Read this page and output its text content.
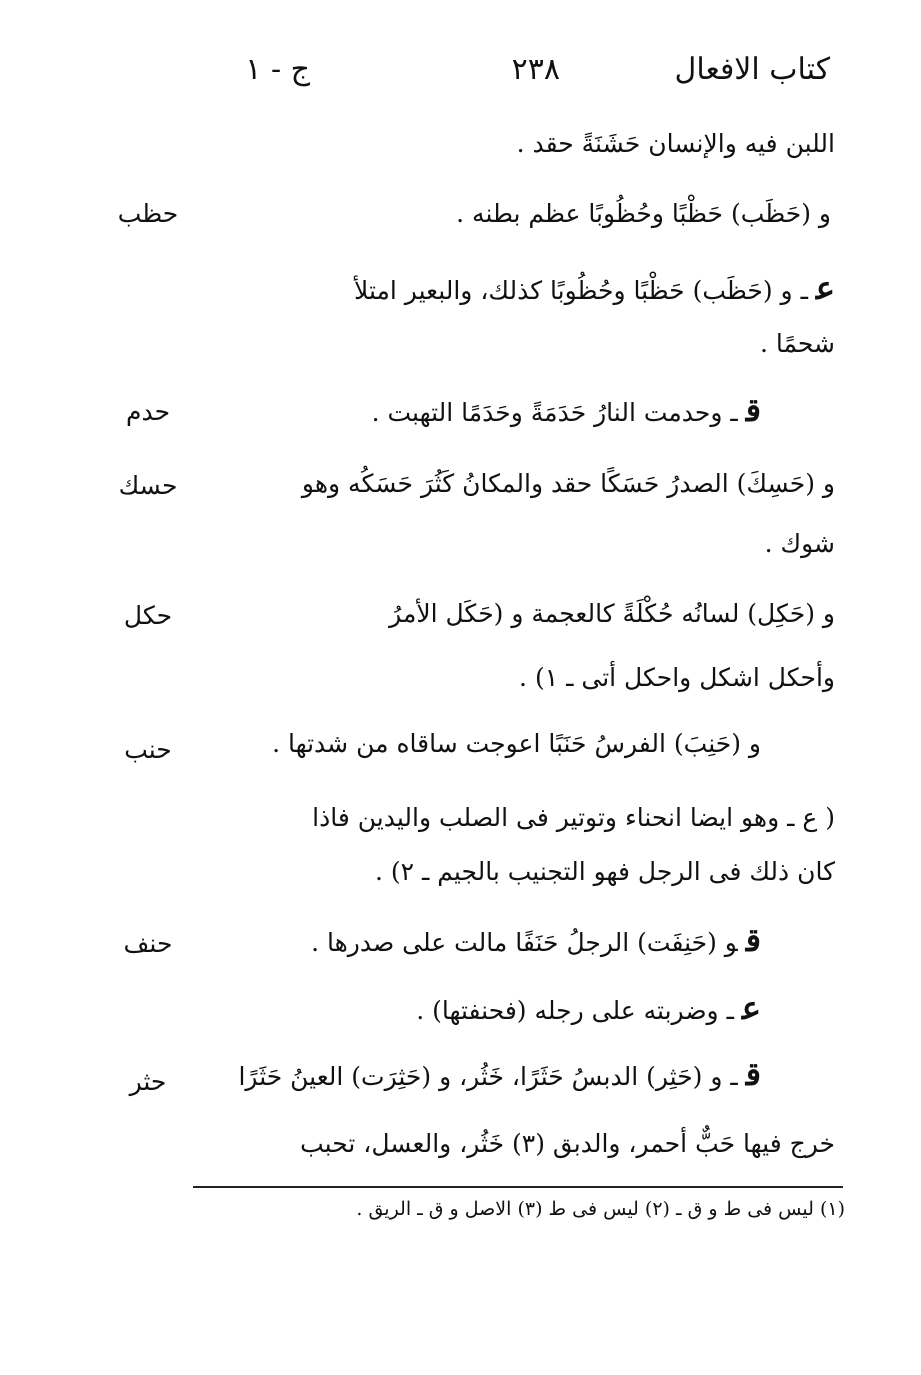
كتاب الافعال
٢٣٨
ج - ١
اللبن فيه والإنسان حَشَنَةً حقد .
حظب	و (حَظَب) حَظْبًا وحُظُوبًا عظم بطنه .
عـ و (حَظَب) حَظْبًا وحُظُوبًا كذلك، والبعير امتلأ
شحمًا .
حدم	قـ وحدمت النارُ حَدَمَةً وحَدَمًا التهبت .
حسك	و (حَسِكَ) الصدرُ حَسَكًا حقد والمكانُ كَثُرَ حَسَكُه وهو
شوك .
حكل	و (حَكِل) لسانُه حُكْلَةً كالعجمة و (حَكَل الأمرُ
وأحكل اشكل واحكل أتى ـ ١) .
حنب	و (حَنِبَ) الفرسُ حَنَبًا اعوجت ساقاه من شدتها .
( ع ـ وهو ايضا انحناء وتوتير فى الصلب واليدين فاذا
كان ذلك فى الرجل فهو التجنيب بالجيم ـ ٢) .
حنف	قو (حَنِفَت) الرجلُ حَنَفًا مالت على صدرها .
عـ وضربته على رجله (فحنفتها) .
حثر	قـ و (حَثِر) الدبسُ حَثَرًا، خَثُر، و (حَثِرَت) العينُ حَثَرًا
خرج فيها حَبٌّ أحمر، والدبق (٣) خَثُر، والعسل، تحبب
(١) ليس فى ط و ق ـ (٢) ليس فى ط (٣) الاصل و ق ـ الريق .
